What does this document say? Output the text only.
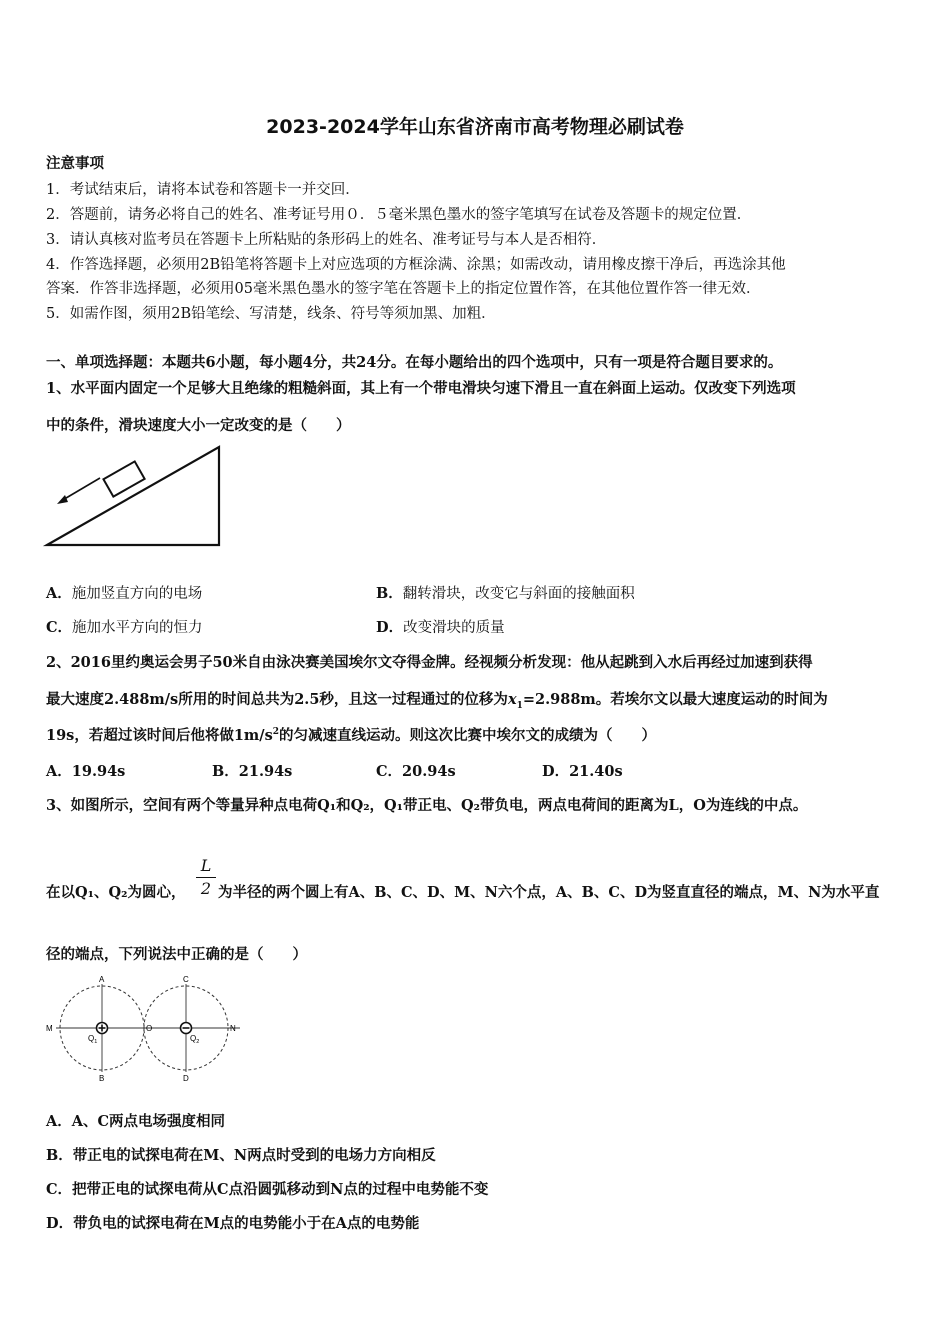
2023-2024学年山东省济南市高考物理必刷试卷
注意事项
1．考试结束后，请将本试卷和答题卡一并交回．
2．答题前，请务必将自己的姓名、准考证号用０．５毫米黑色墨水的签字笔填写在试卷及答题卡的规定位置．
3．请认真核对监考员在答题卡上所粘贴的条形码上的姓名、准考证号与本人是否相符．
4．作答选择题，必须用2B铅笔将答题卡上对应选项的方框涂满、涂黑；如需改动，请用橡皮擦干净后，再选涂其他
答案．作答非选择题，必须用05毫米黑色墨水的签字笔在答题卡上的指定位置作答，在其他位置作答一律无效．
5．如需作图，须用2B铅笔绘、写清楚，线条、符号等须加黑、加粗．
一、单项选择题：本题共6小题，每小题4分，共24分。在每小题给出的四个选项中，只有一项是符合题目要求的。
1、水平面内固定一个足够大且绝缘的粗糙斜面，其上有一个带电滑块匀速下滑且一直在斜面上运动。仅改变下列选项
中的条件，滑块速度大小一定改变的是（　　）
A．施加竖直方向的电场	B．翻转滑块，改变它与斜面的接触面积
C．施加水平方向的恒力	D．改变滑块的质量
2、2016里约奥运会男子50米自由泳决赛美国埃尔文夺得金牌。经视频分析发现：他从起跳到入水后再经过加速到获得
最大速度2.488m/s所用的时间总共为2.5秒，且这一过程通过的位移为$x_1=2.988m$。若埃尔文以最大速度运动的时间为
19s，若超过该时间后他将做$1m/s^2$的匀减速直线运动。则这次比赛中埃尔文的成绩为（　　）
A．19.94s	B．21.94s	C．20.94s	D．21.40s
3、如图所示，空间有两个等量异种点电荷Q₁和Q₂，Q₁带正电、Q₂带负电，两点电荷间的距离为L，O为连线的中点。
在以Q₁、Q₂为圆心， $\frac{L}{2}$ 为半径的两个圆上有A、B、C、D、M、N六个点，A、B、C、D为竖直直径的端点，M、N为水平直
径的端点，下列说法中正确的是（　　）
A	C
B	D
M	N
O
$Q_1$	$Q_2$
A．A、C两点电场强度相同
B．带正电的试探电荷在M、N两点时受到的电场力方向相反
C．把带正电的试探电荷从C点沿圆弧移动到N点的过程中电势能不变
D．带负电的试探电荷在M点的电势能小于在A点的电势能
